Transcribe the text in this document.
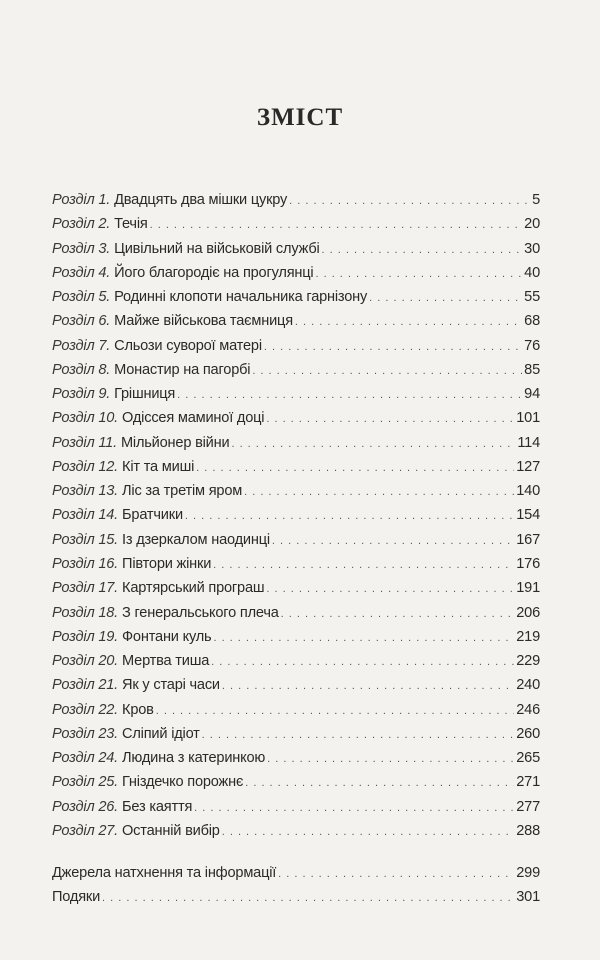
ЗМІСТ
Розділ 1. Двадцять два мішки цукру . . .	5
Розділ 2. Течія . . .	20
Розділ 3. Цивільний на військовій службі . . .	30
Розділ 4. Його благородіє на прогулянці . . .	40
Розділ 5. Родинні клопоти начальника гарнізону . . .	55
Розділ 6. Майже військова таємниця . . .	68
Розділ 7. Сльози суворої матері . . .	76
Розділ 8. Монастир на пагорбі . . .	85
Розділ 9. Грішниця . . .	94
Розділ 10. Одіссея маминої доці . . .	101
Розділ 11. Мільйонер війни . . .	114
Розділ 12. Кіт та миші . . .	127
Розділ 13. Ліс за третім яром . . .	140
Розділ 14. Братчики . . .	154
Розділ 15. Із дзеркалом наодинці . . .	167
Розділ 16. Півтори жінки . . .	176
Розділ 17. Картярський програш . . .	191
Розділ 18. З генеральського плеча . . .	206
Розділ 19. Фонтани куль . . .	219
Розділ 20. Мертва тиша . . .	229
Розділ 21. Як у старі часи . . .	240
Розділ 22. Кров . . .	246
Розділ 23. Сліпий ідіот . . .	260
Розділ 24. Людина з катеринкою . . .	265
Розділ 25. Гніздечко порожнє . . .	271
Розділ 26. Без каяття . . .	277
Розділ 27. Останній вибір . . .	288
Джерела натхнення та інформації . . .	299
Подяки . . .	301
